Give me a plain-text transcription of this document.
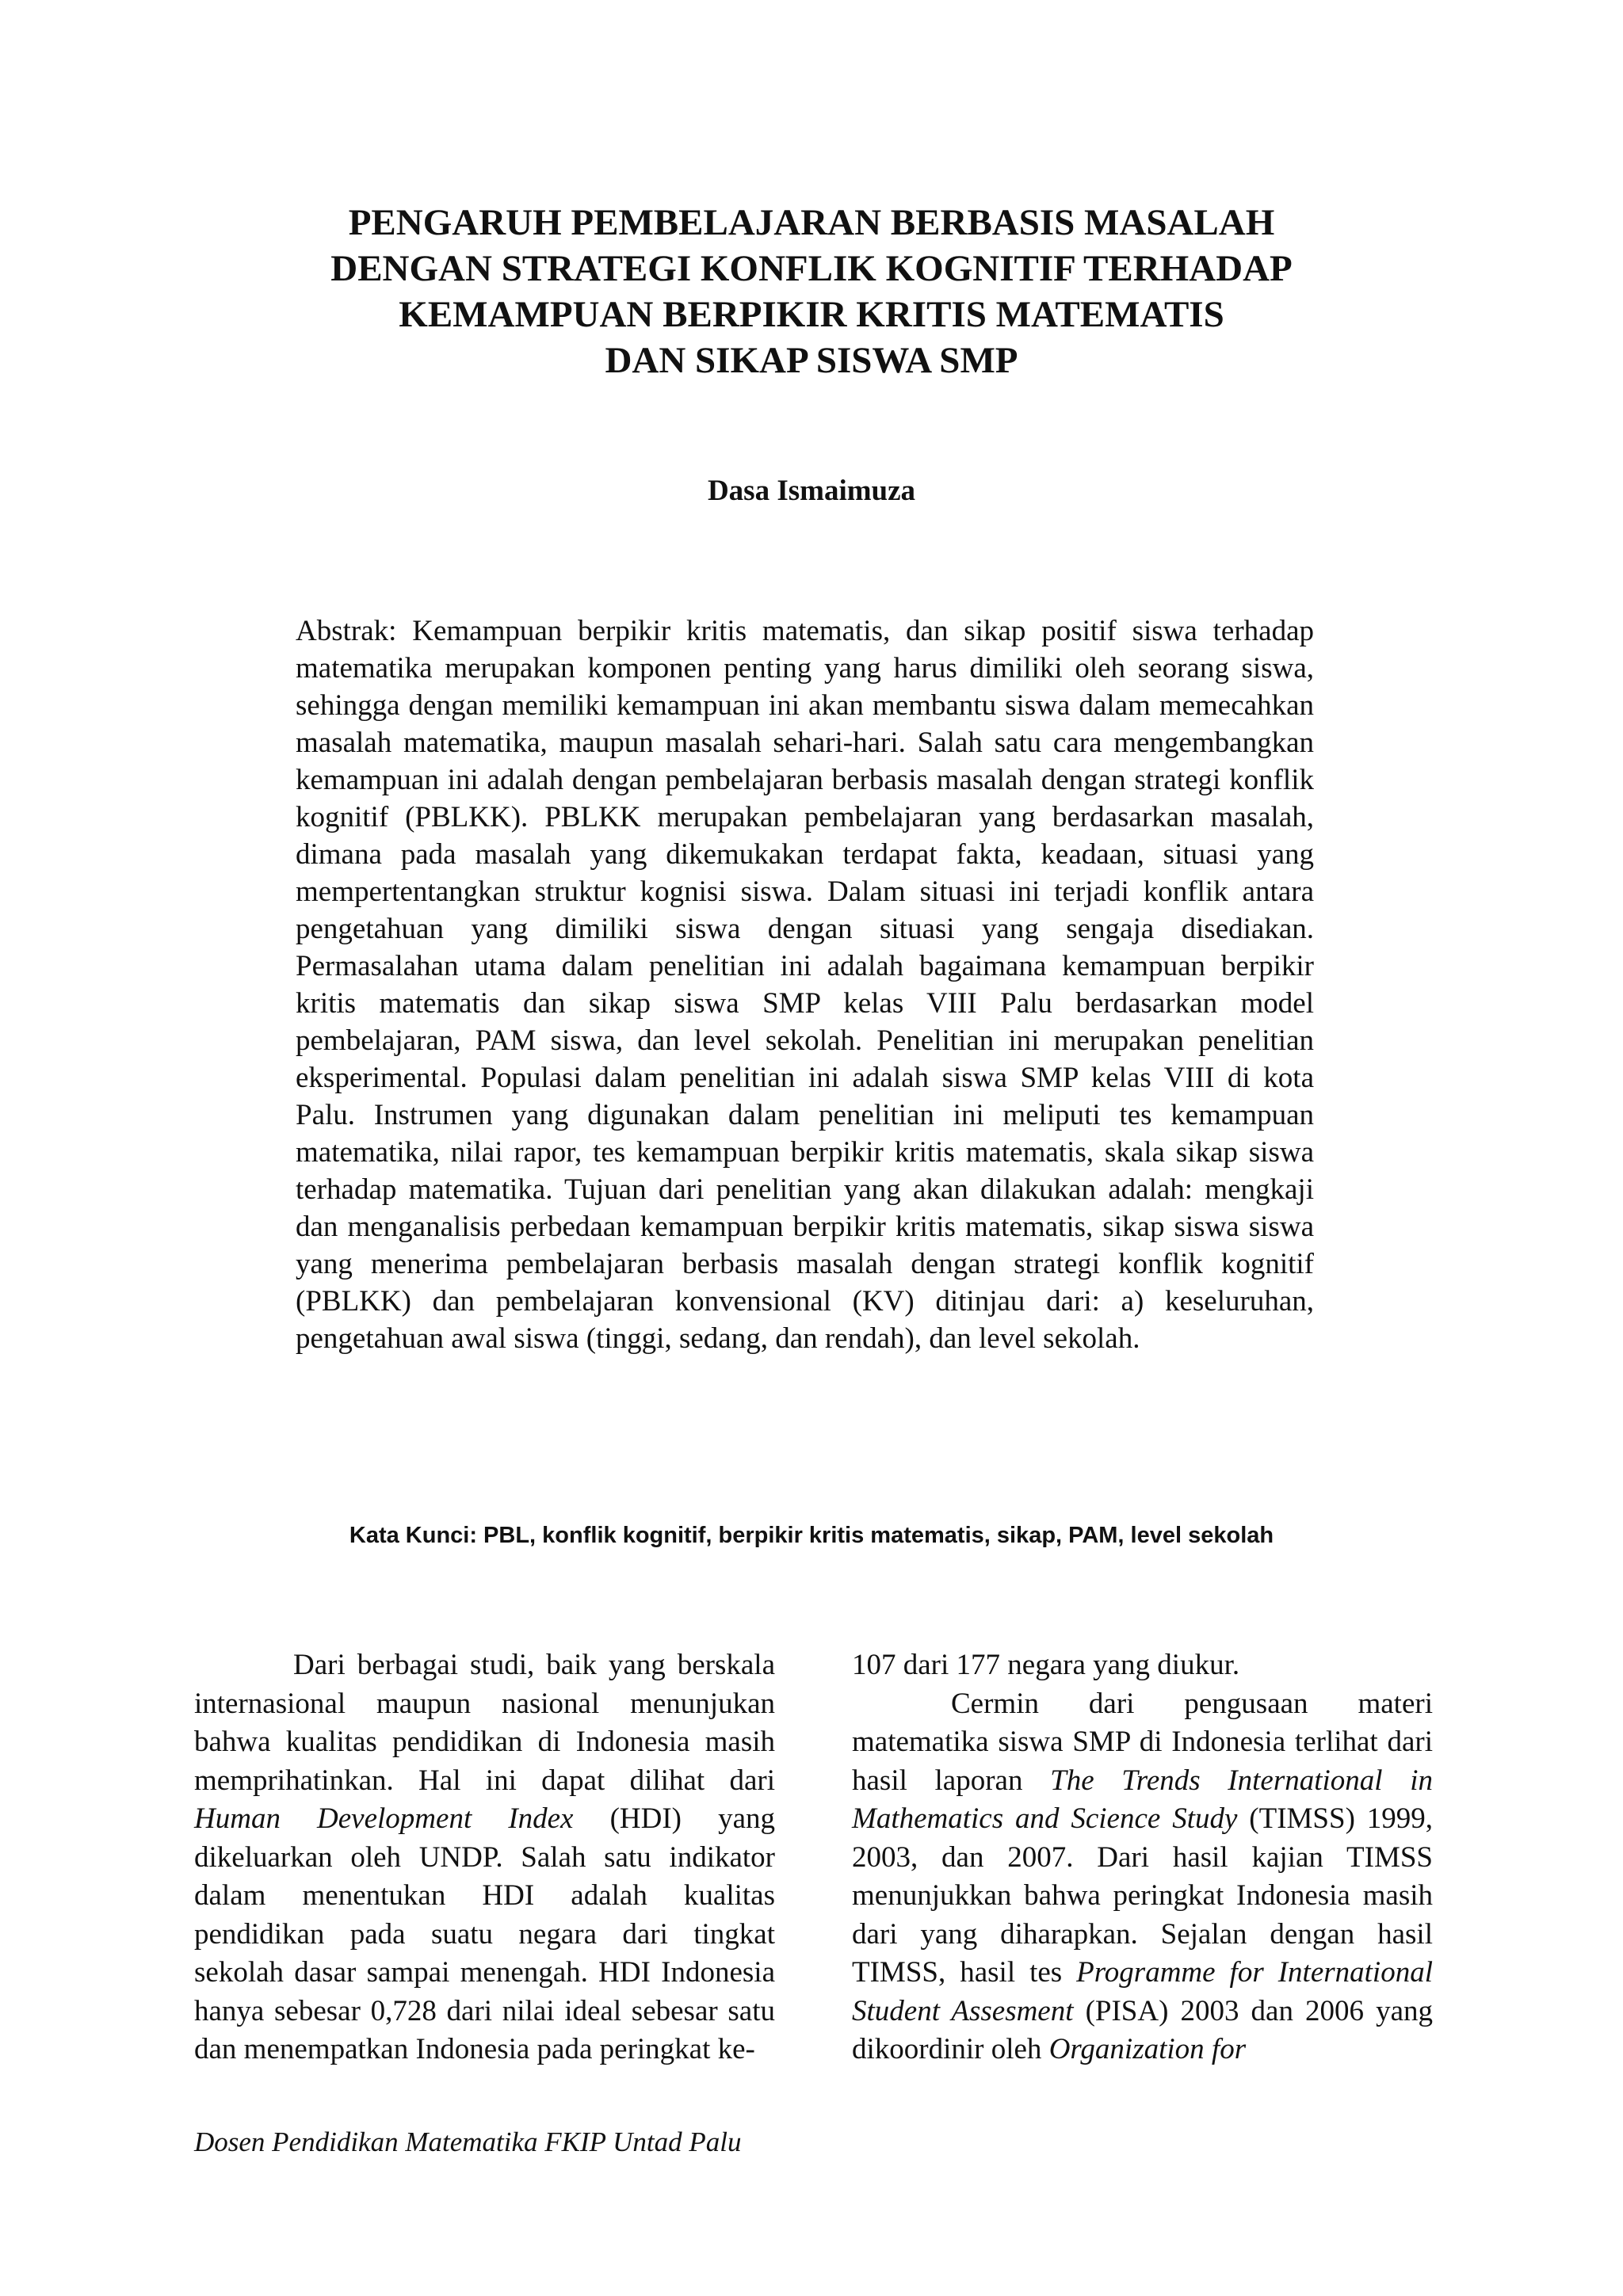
PENGARUH PEMBELAJARAN BERBASIS MASALAH
DENGAN STRATEGI KONFLIK KOGNITIF TERHADAP
KEMAMPUAN BERPIKIR KRITIS MATEMATIS
DAN SIKAP SISWA SMP

Dasa Ismaimuza

Abstrak: Kemampuan berpikir kritis matematis, dan sikap positif siswa terhadap matematika merupakan komponen penting yang harus dimiliki oleh seorang siswa, sehingga dengan memiliki kemampuan ini akan membantu siswa dalam memecahkan masalah matematika, maupun masalah sehari-hari. Salah satu cara mengembangkan kemampuan ini adalah dengan pembelajaran berbasis masalah dengan strategi konflik kognitif (PBLKK). PBLKK merupakan pembelajaran yang berdasarkan masalah, dimana pada masalah yang dikemukakan terdapat fakta, keadaan, situasi yang mempertentangkan struktur kognisi siswa. Dalam situasi ini terjadi konflik antara pengetahuan yang dimiliki siswa dengan situasi yang sengaja disediakan. Permasalahan utama dalam penelitian ini adalah bagaimana kemampuan berpikir kritis matematis dan sikap siswa SMP kelas VIII Palu berdasarkan model pembelajaran, PAM siswa, dan level sekolah. Penelitian ini merupakan penelitian eksperimental. Populasi dalam penelitian ini adalah siswa SMP kelas VIII di kota Palu. Instrumen yang digunakan dalam penelitian ini meliputi tes kemampuan matematika, nilai rapor, tes kemampuan berpikir kritis matematis, skala sikap siswa terhadap matematika. Tujuan dari penelitian yang akan dilakukan adalah: mengkaji dan menganalisis perbedaan kemampuan berpikir kritis matematis, sikap siswa siswa yang menerima pembelajaran berbasis masalah dengan strategi konflik kognitif (PBLKK) dan pembelajaran konvensional (KV) ditinjau dari: a) keseluruhan, pengetahuan awal siswa (tinggi, sedang, dan rendah), dan level sekolah.

Kata Kunci: PBL, konflik kognitif, berpikir kritis matematis, sikap, PAM, level sekolah

Dari berbagai studi, baik yang berskala internasional maupun nasional menunjukan bahwa kualitas pendidikan di Indonesia masih memprihatinkan. Hal ini dapat dilihat dari Human Development Index (HDI) yang dikeluarkan oleh UNDP. Salah satu indikator dalam menentukan HDI adalah kualitas pendidikan pada suatu negara dari tingkat sekolah dasar sampai menengah. HDI Indonesia hanya sebesar 0,728 dari nilai ideal sebesar satu dan menempatkan Indonesia pada peringkat ke-

107 dari 177 negara yang diukur.

Cermin dari pengusaan materi matematika siswa SMP di Indonesia terlihat dari hasil laporan The Trends International in Mathematics and Science Study (TIMSS) 1999, 2003, dan 2007. Dari hasil kajian TIMSS menunjukkan bahwa peringkat Indonesia masih dari yang diharapkan. Sejalan dengan hasil TIMSS, hasil tes Programme for International Student Assesment (PISA) 2003 dan 2006 yang dikoordinir oleh Organization for

Dosen Pendidikan Matematika FKIP Untad Palu
